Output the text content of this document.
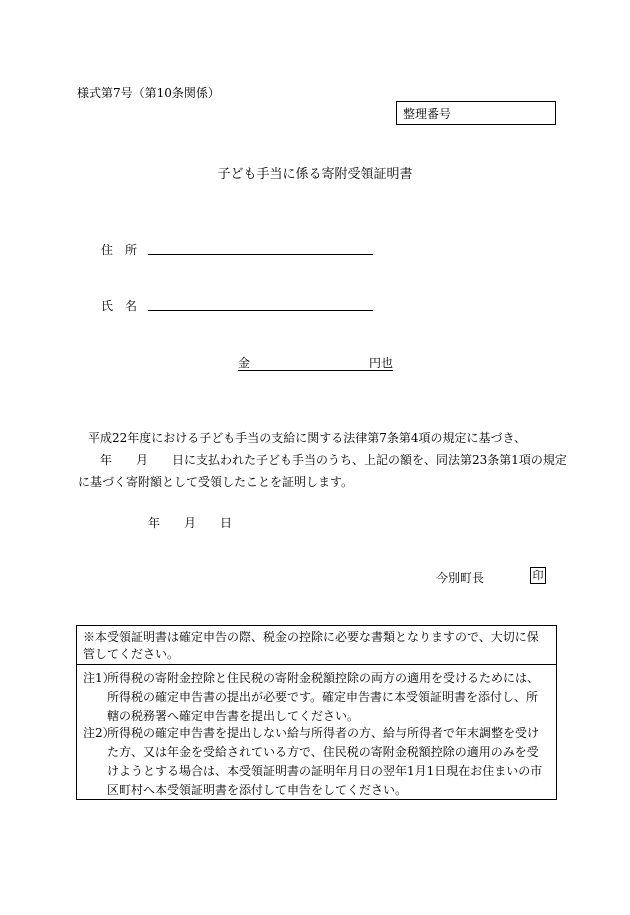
様式第7号（第10条関係）
整理番号
子ども手当に係る寄附受領証明書
住　所
氏　名
金	円也
平成22年度における子ども手当の支給に関する法律第7条第4項の規定に基づき、
年　　月　　日に支払われた子ども手当のうち、上記の額を、同法第23条第1項の規定
に基づく寄附額として受領したことを証明します。
年　　月　　日
今別町長	印
※本受領証明書は確定申告の際、税金の控除に必要な書類となりますので、大切に保管してください。
注1）
所得税の寄附金控除と住民税の寄附金税額控除の両方の適用を受けるためには、所得税の確定申告書の提出が必要です。確定申告書に本受領証明書を添付し、所轄の税務署へ確定申告書を提出してください。
注2）
所得税の確定申告書を提出しない給与所得者の方、給与所得者で年末調整を受けた方、又は年金を受給されている方で、住民税の寄附金税額控除の適用のみを受けようとする場合は、本受領証明書の証明年月日の翌年1月1日現在お住まいの市区町村へ本受領証明書を添付して申告をしてください。
